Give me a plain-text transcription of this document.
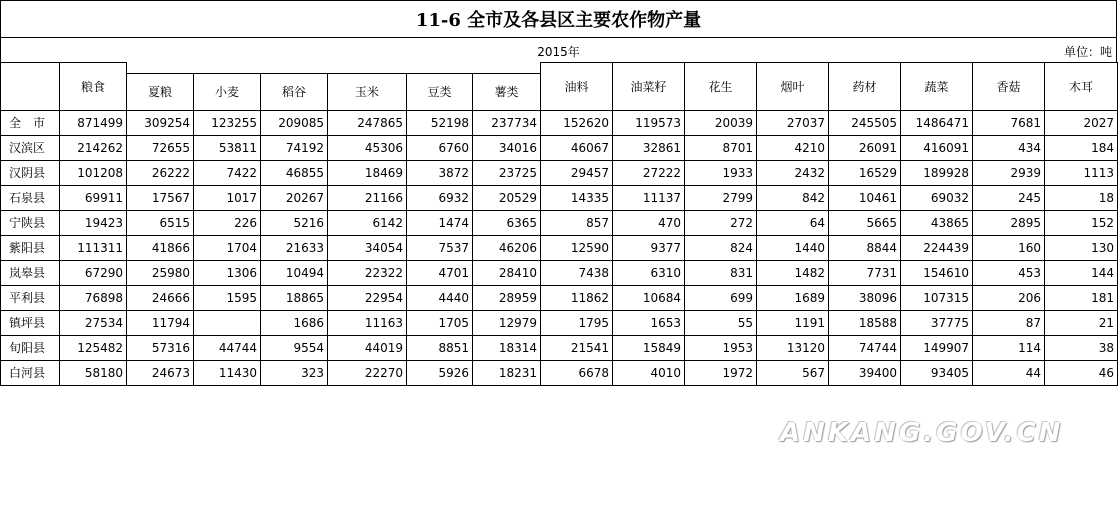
11-6 全市及各县区主要农作物产量
2015年	单位：吨
	粮食							油料	油菜籽	花生	烟叶	药材	蔬菜	香菇	木耳
		夏粮	小麦	稻谷	玉米	豆类	薯类								
全　市	871499	309254	123255	209085	247865	52198	237734	152620	119573	20039	27037	245505	1486471	7681	2027
汉滨区	214262	72655	53811	74192	45306	6760	34016	46067	32861	8701	4210	26091	416091	434	184
汉阴县	101208	26222	7422	46855	18469	3872	23725	29457	27222	1933	2432	16529	189928	2939	1113
石泉县	69911	17567	1017	20267	21166	6932	20529	14335	11137	2799	842	10461	69032	245	18
宁陕县	19423	6515	226	5216	6142	1474	6365	857	470	272	64	5665	43865	2895	152
紫阳县	111311	41866	1704	21633	34054	7537	46206	12590	9377	824	1440	8844	224439	160	130
岚皋县	67290	25980	1306	10494	22322	4701	28410	7438	6310	831	1482	7731	154610	453	144
平利县	76898	24666	1595	18865	22954	4440	28959	11862	10684	699	1689	38096	107315	206	181
镇坪县	27534	11794		1686	11163	1705	12979	1795	1653	55	1191	18588	37775	87	21
旬阳县	125482	57316	44744	9554	44019	8851	18314	21541	15849	1953	13120	74744	149907	114	38
白河县	58180	24673	11430	323	22270	5926	18231	6678	4010	1972	567	39400	93405	44	46
ANKANG.GOV.CN
